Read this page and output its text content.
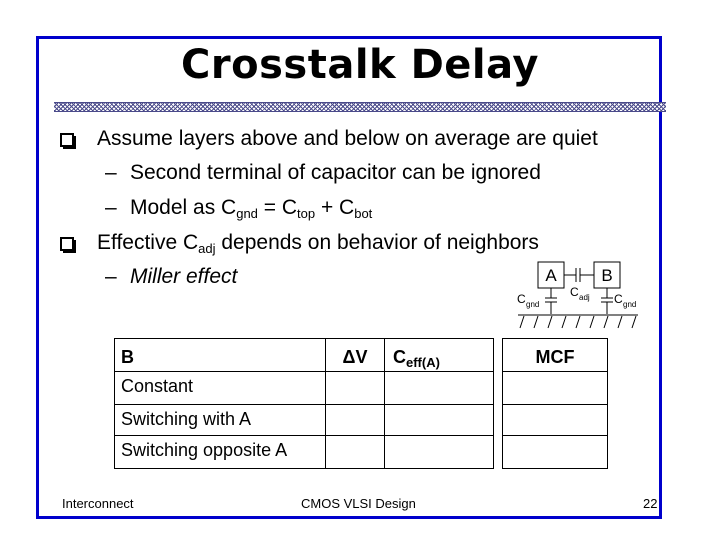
Crosstalk Delay
Assume layers above and below on average are quiet
– Second terminal of capacitor can be ignored
– Model as $C_{gnd} = C_{top} + C_{bot}$
Effective $C_{adj}$ depends on behavior of neighbors
– Miller effect	A	B
C gnd
C adj C gnd
B	ΔV	$C_{eff(A)}$		MCF
Constant				
Switching with A				
Switching opposite A				
Interconnect	CMOS VLSI Design	22
